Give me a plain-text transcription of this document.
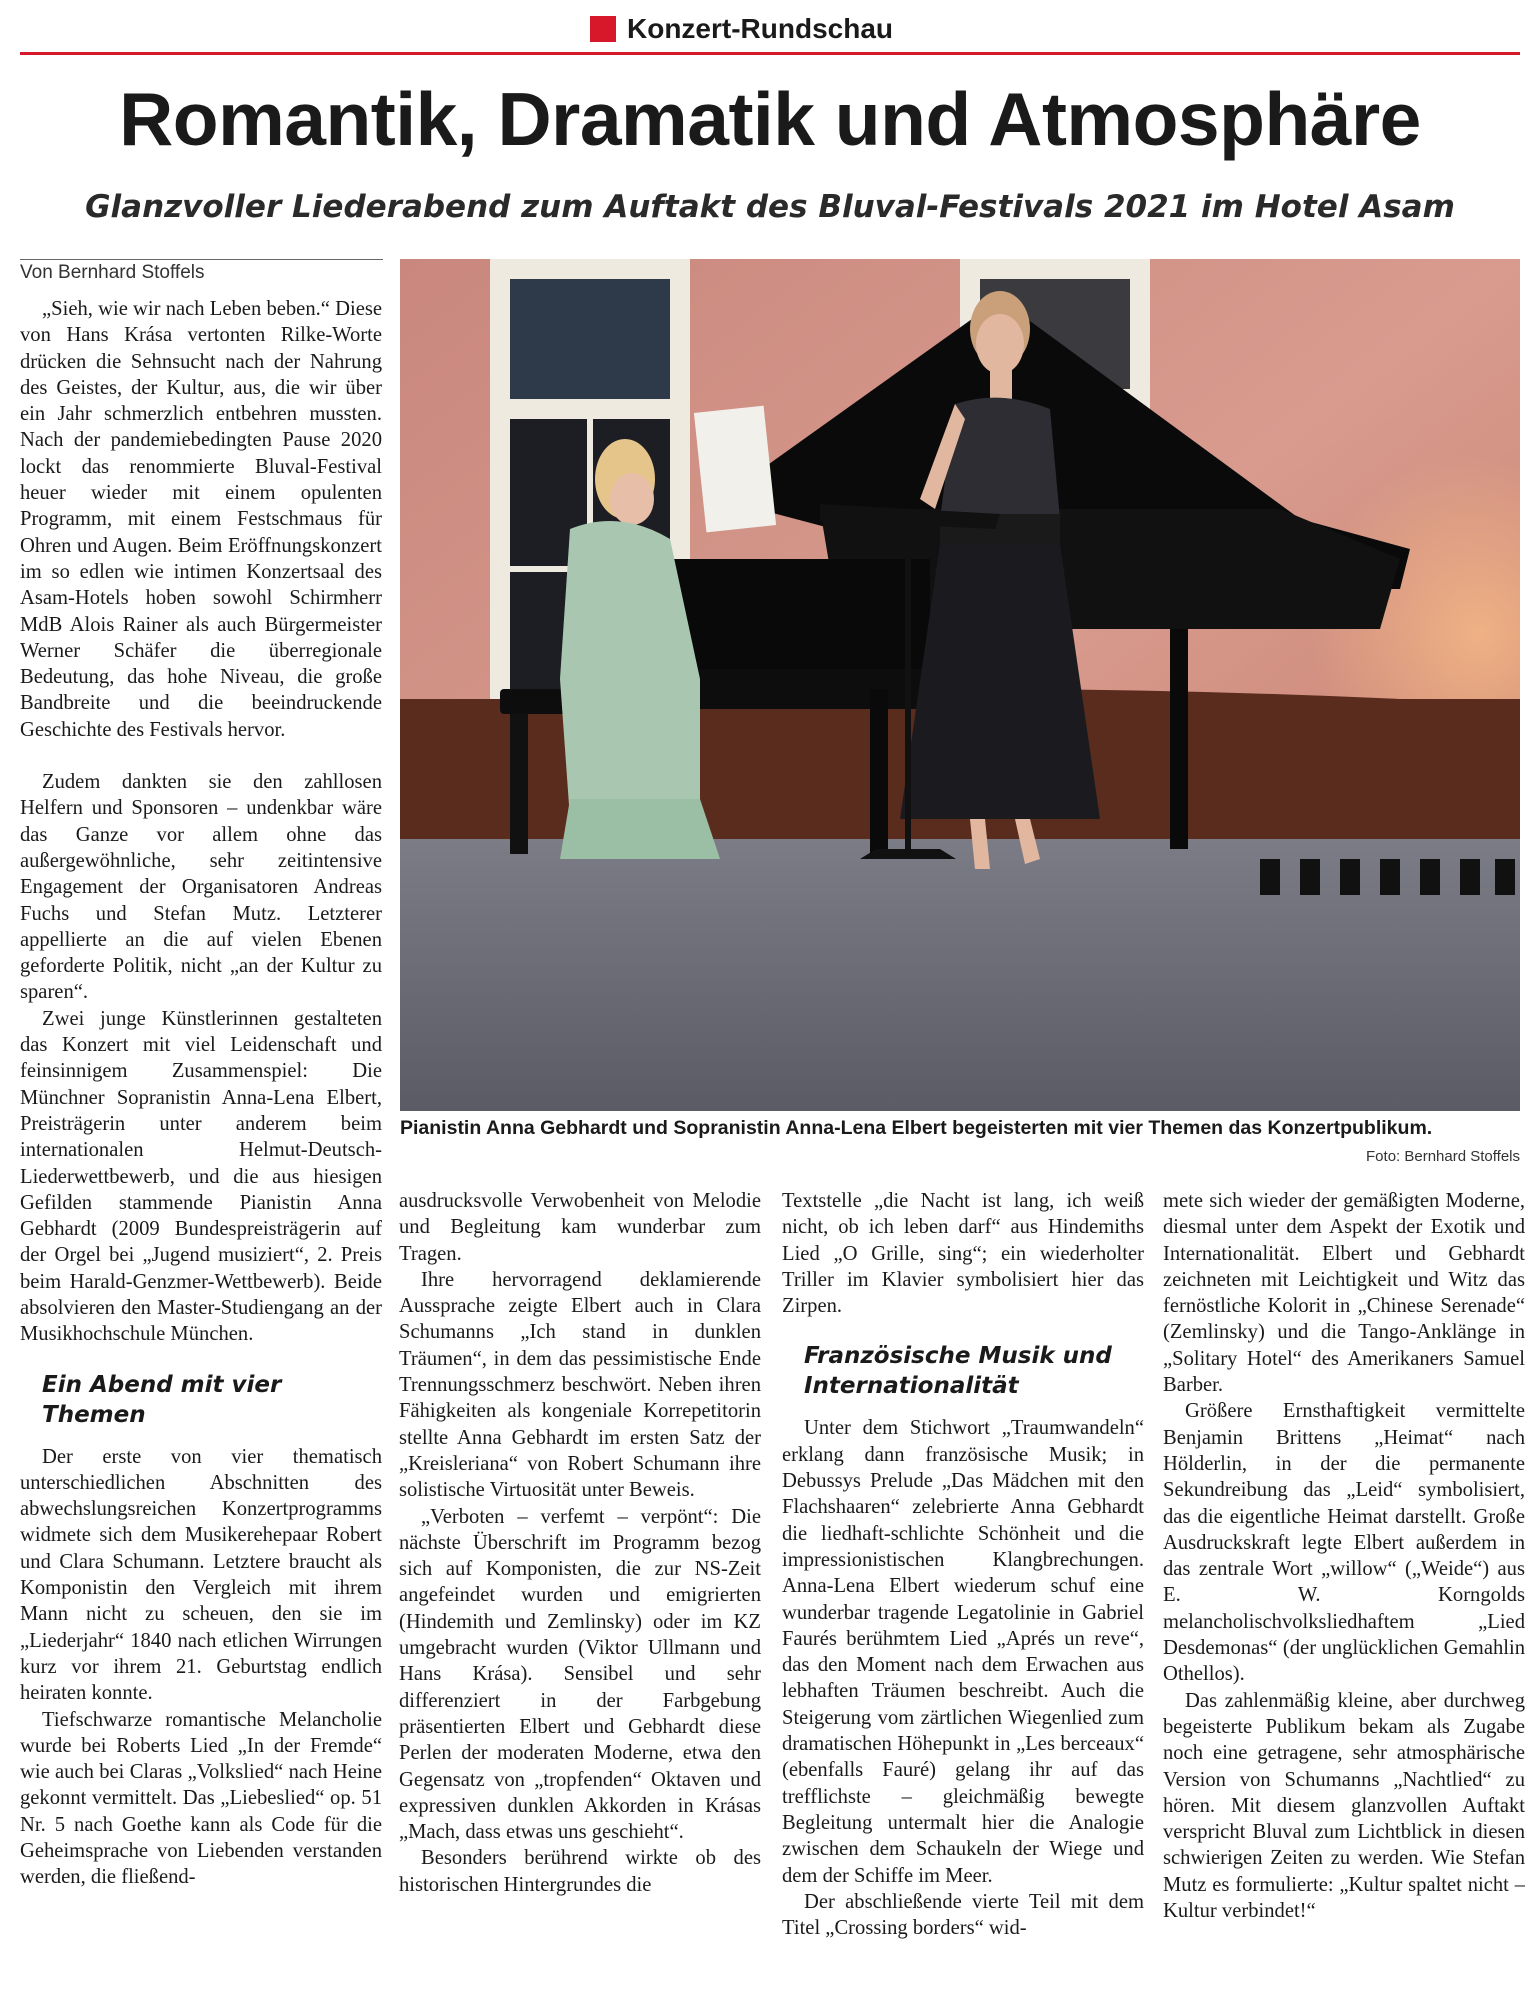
Konzert-Rundschau
Romantik, Dramatik und Atmosphäre
Glanzvoller Liederabend zum Auftakt des Bluval-Festivals 2021 im Hotel Asam
Von Bernhard Stoffels

„Sieh, wie wir nach Leben beben.“ Diese von Hans Krása vertonten Rilke-Worte drücken die Sehnsucht nach der Nahrung des Geistes, der Kultur, aus, die wir über ein Jahr schmerzlich entbehren mussten. Nach der pandemiebedingten Pause 2020 lockt das renommierte Bluval-Festival heuer wieder mit einem opulenten Programm, mit einem Festschmaus für Ohren und Augen. Beim Eröffnungskonzert im so edlen wie intimen Konzertsaal des Asam-Hotels hoben sowohl Schirmherr MdB Alois Rainer als auch Bürgermeister Werner Schäfer die überregionale Bedeutung, das hohe Niveau, die große Bandbreite und die beeindruckende Geschichte des Festivals hervor.

Zudem dankten sie den zahllosen Helfern und Sponsoren – undenkbar wäre das Ganze vor allem ohne das außergewöhnliche, sehr zeitintensive Engagement der Organisatoren Andreas Fuchs und Stefan Mutz. Letzterer appellierte an die auf vielen Ebenen geforderte Politik, nicht „an der Kultur zu sparen“.

Zwei junge Künstlerinnen gestalteten das Konzert mit viel Leidenschaft und feinsinnigem Zusammenspiel: Die Münchner Sopranistin Anna-Lena Elbert, Preisträgerin unter anderem beim internationalen Helmut-Deutsch-Liederwettbewerb, und die aus hiesigen Gefilden stammende Pianistin Anna Gebhardt (2009 Bundespreisträgerin auf der Orgel bei „Jugend musiziert“, 2. Preis beim Harald-Genzmer-Wettbewerb). Beide absolvieren den Master-Studiengang an der Musikhochschule München.

Ein Abend mit vier Themen

Der erste von vier thematisch unterschiedlichen Abschnitten des abwechslungsreichen Konzertprogramms widmete sich dem Musikerehepaar Robert und Clara Schumann. Letztere braucht als Komponistin den Vergleich mit ihrem Mann nicht zu scheuen, den sie im „Liederjahr“ 1840 nach etlichen Wirrungen kurz vor ihrem 21. Geburtstag endlich heiraten konnte.

Tiefschwarze romantische Melancholie wurde bei Roberts Lied „In der Fremde“ wie auch bei Claras „Volkslied“ nach Heine gekonnt vermittelt. Das „Liebeslied“ op. 51 Nr. 5 nach Goethe kann als Code für die Geheimsprache von Liebenden verstanden werden, die fließend-

Pianistin Anna Gebhardt und Sopranistin Anna-Lena Elbert begeisterten mit vier Themen das Konzertpublikum.
Foto: Bernhard Stoffels

ausdrucksvolle Verwobenheit von Melodie und Begleitung kam wunderbar zum Tragen.

Ihre hervorragend deklamierende Aussprache zeigte Elbert auch in Clara Schumanns „Ich stand in dunklen Träumen“, in dem das pessimistische Ende Trennungsschmerz beschwört. Neben ihren Fähigkeiten als kongeniale Korrepetitorin stellte Anna Gebhardt im ersten Satz der „Kreisleriana“ von Robert Schumann ihre solistische Virtuosität unter Beweis.

„Verboten – verfemt – verpönt“: Die nächste Überschrift im Programm bezog sich auf Komponisten, die zur NS-Zeit angefeindet wurden und emigrierten (Hindemith und Zemlinsky) oder im KZ umgebracht wurden (Viktor Ullmann und Hans Krása). Sensibel und sehr differenziert in der Farbgebung präsentierten Elbert und Gebhardt diese Perlen der moderaten Moderne, etwa den Gegensatz von „tropfenden“ Oktaven und expressiven dunklen Akkorden in Krásas „Mach, dass etwas uns geschieht“.

Besonders berührend wirkte ob des historischen Hintergrundes die

Textstelle „die Nacht ist lang, ich weiß nicht, ob ich leben darf“ aus Hindemiths Lied „O Grille, sing“; ein wiederholter Triller im Klavier symbolisiert hier das Zirpen.

Französische Musik und Internationalität

Unter dem Stichwort „Traumwandeln“ erklang dann französische Musik; in Debussys Prelude „Das Mädchen mit den Flachshaaren“ zelebrierte Anna Gebhardt die liedhaft-schlichte Schönheit und die impressionistischen Klangbrechungen. Anna-Lena Elbert wiederum schuf eine wunderbar tragende Legatolinie in Gabriel Faurés berühmtem Lied „Aprés un reve“, das den Moment nach dem Erwachen aus lebhaften Träumen beschreibt. Auch die Steigerung vom zärtlichen Wiegenlied zum dramatischen Höhepunkt in „Les berceaux“ (ebenfalls Fauré) gelang ihr auf das trefflichste – gleichmäßig bewegte Begleitung untermalt hier die Analogie zwischen dem Schaukeln der Wiege und dem der Schiffe im Meer.

Der abschließende vierte Teil mit dem Titel „Crossing borders“ wid-

mete sich wieder der gemäßigten Moderne, diesmal unter dem Aspekt der Exotik und Internationalität. Elbert und Gebhardt zeichneten mit Leichtigkeit und Witz das fernöstliche Kolorit in „Chinese Serenade“ (Zemlinsky) und die Tango-Anklänge in „Solitary Hotel“ des Amerikaners Samuel Barber.

Größere Ernsthaftigkeit vermittelte Benjamin Brittens „Heimat“ nach Hölderlin, in der die permanente Sekundreibung das „Leid“ symbolisiert, das die eigentliche Heimat darstellt. Große Ausdruckskraft legte Elbert außerdem in das zentrale Wort „willow“ („Weide“) aus E. W. Korngolds melancholischvolksliedhaftem „Lied Desdemonas“ (der unglücklichen Gemahlin Othellos).

Das zahlenmäßig kleine, aber durchweg begeisterte Publikum bekam als Zugabe noch eine getragene, sehr atmosphärische Version von Schumanns „Nachtlied“ zu hören. Mit diesem glanzvollen Auftakt verspricht Bluval zum Lichtblick in diesen schwierigen Zeiten zu werden. Wie Stefan Mutz es formulierte: „Kultur spaltet nicht – Kultur verbindet!“
